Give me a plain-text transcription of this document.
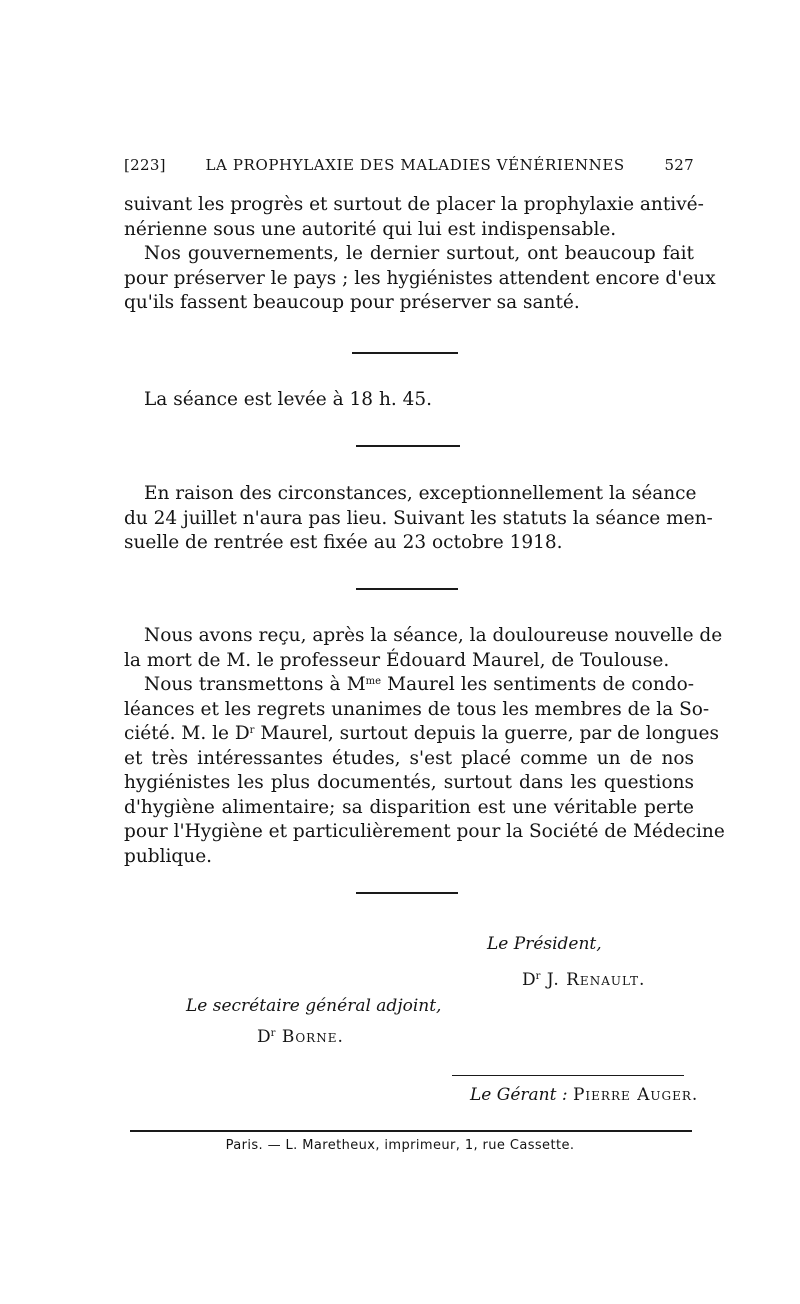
[223]	LA PROPHYLAXIE DES MALADIES VÉNÉRIENNES	527

suivant les progrès et surtout de placer la prophylaxie antivé-
nérienne sous une autorité qui lui est indispensable.

Nos gouvernements, le dernier surtout, ont beaucoup fait
pour préserver le pays ; les hygiénistes attendent encore d'eux
qu'ils fassent beaucoup pour préserver sa santé.

La séance est levée à 18 h. 45.

En raison des circonstances, exceptionnellement la séance
du 24 juillet n'aura pas lieu. Suivant les statuts la séance men-
suelle de rentrée est fixée au 23 octobre 1918.

Nous avons reçu, après la séance, la douloureuse nouvelle de
la mort de M. le professeur Édouard Maurel, de Toulouse.

Nous transmettons à $M^{me}$ Maurel les sentiments de condo-
léances et les regrets unanimes de tous les membres de la So-
ciété. M. le $D^r$ Maurel, surtout depuis la guerre, par de longues
et très intéressantes études, s'est placé comme un de nos
hygiénistes les plus documentés, surtout dans les questions
d'hygiène alimentaire; sa disparition est une véritable perte
pour l'Hygiène et particulièrement pour la Société de Médecine
publique.

Le Président,
$D^r$ J. Renault.
Le secrétaire général adjoint,
$D^r$ Borne.
Le Gérant : Pierre Auger.
Paris. — L. Maretheux, imprimeur, 1, rue Cassette.
